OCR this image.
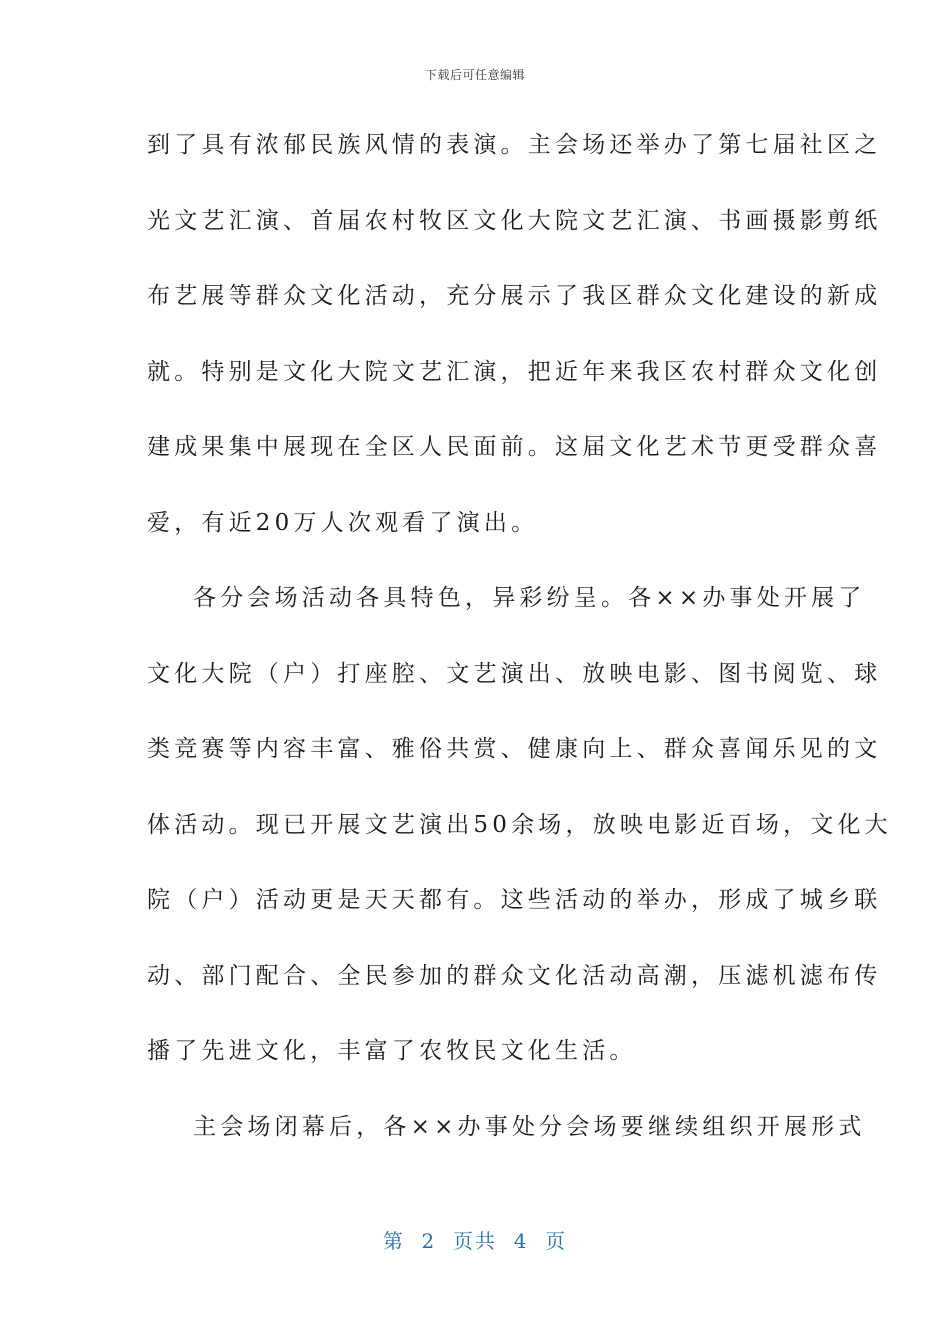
下载后可任意编辑
到了具有浓郁民族风情的表演。主会场还举办了第七届社区之
光文艺汇演、首届农村牧区文化大院文艺汇演、书画摄影剪纸
布艺展等群众文化活动，充分展示了我区群众文化建设的新成
就。特别是文化大院文艺汇演，把近年来我区农村群众文化创
建成果集中展现在全区人民面前。这届文化艺术节更受群众喜
爱，有近20万人次观看了演出。
各分会场活动各具特色，异彩纷呈。各××办事处开展了
文化大院（户）打座腔、文艺演出、放映电影、图书阅览、球
类竞赛等内容丰富、雅俗共赏、健康向上、群众喜闻乐见的文
体活动。现已开展文艺演出50余场，放映电影近百场，文化大
院（户）活动更是天天都有。这些活动的举办，形成了城乡联
动、部门配合、全民参加的群众文化活动高潮，压滤机滤布传
播了先进文化，丰富了农牧民文化生活。
主会场闭幕后，各××办事处分会场要继续组织开展形式
第  2  页共  4  页
